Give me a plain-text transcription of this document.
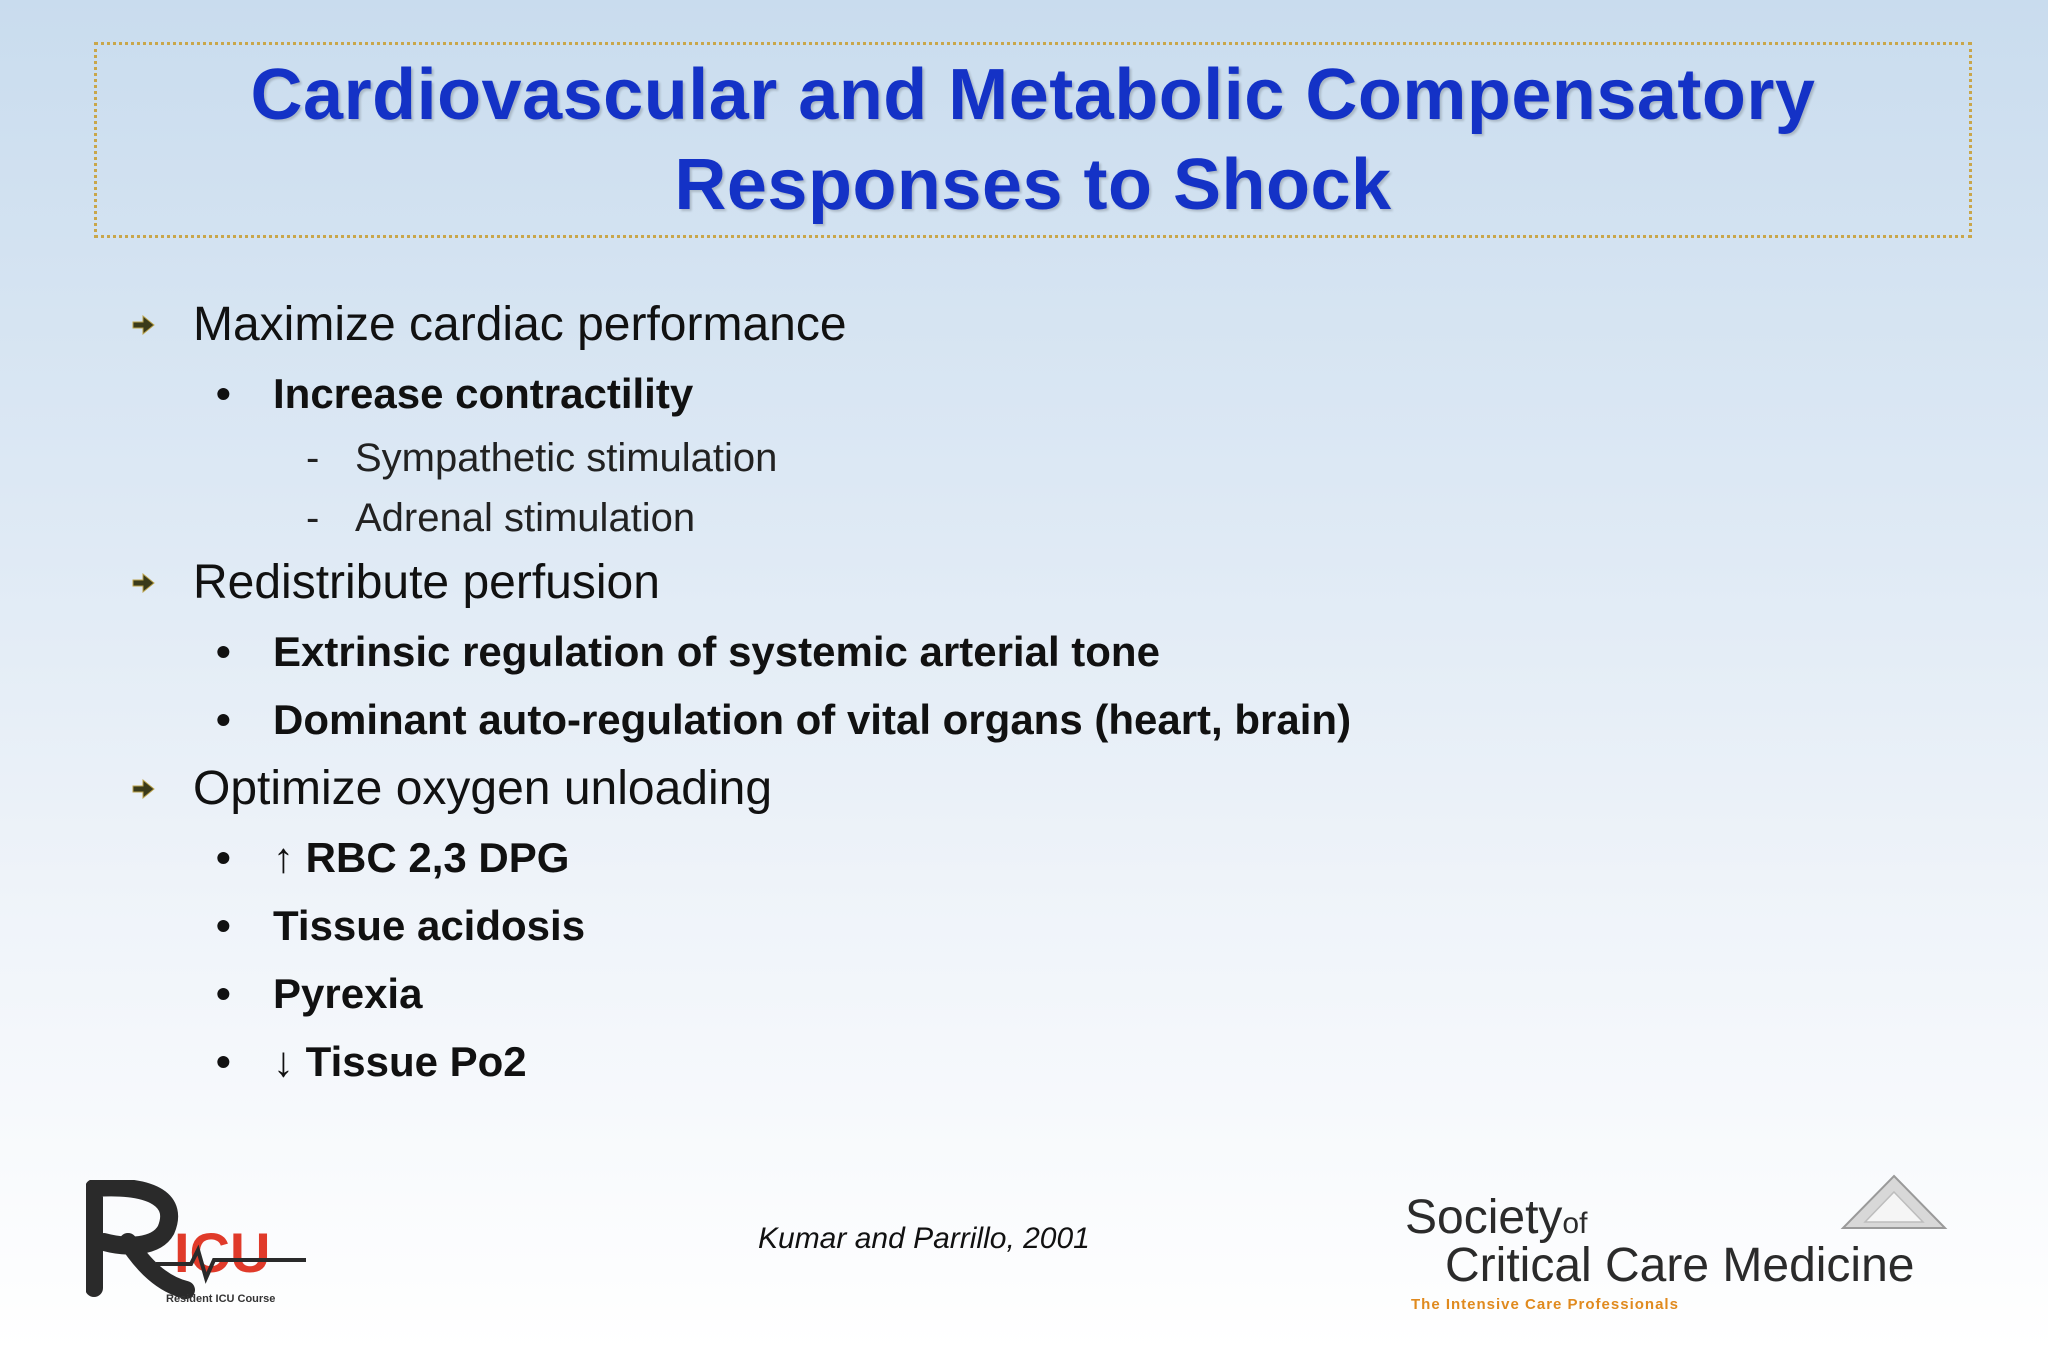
Cardiovascular and Metabolic Compensatory
Responses to Shock
Maximize cardiac performance
• Increase contractility
- Sympathetic stimulation
- Adrenal stimulation
Redistribute perfusion
• Extrinsic regulation of systemic arterial tone
• Dominant auto-regulation of vital organs (heart, brain)
Optimize oxygen unloading
• ↑ RBC 2,3 DPG
• Tissue acidosis
• Pyrexia
• ↓ Tissue Po2
ICU
Resident ICU Course
Kumar and Parrillo, 2001	Societyof
Critical Care Medicine
The Intensive Care Professionals
